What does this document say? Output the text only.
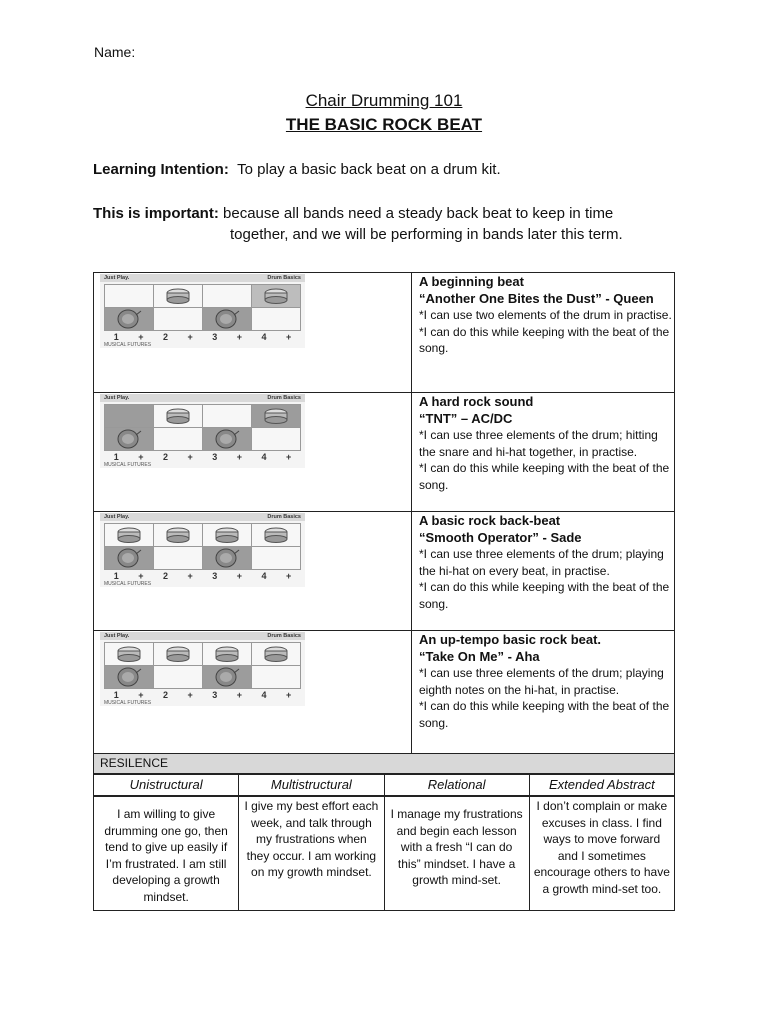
Name:
Chair Drumming 101
THE BASIC ROCK BEAT
Learning Intention: To play a basic back beat on a drum kit.
This is important: because all bands need a steady back beat to keep in time
together, and we will be performing in bands later this term.
Just Play.	Drum Basics
1 + 2 + 3 + 4 +
MUSICAL FUTURES
A beginning beat
“Another One Bites the Dust” - Queen
*I can use two elements of the drum in practise.
*I can do this while keeping with the beat of the song.
Just Play.	Drum Basics
1 + 2 + 3 + 4 +
MUSICAL FUTURES
A hard rock sound
“TNT” – AC/DC
*I can use three elements of the drum; hitting the snare and hi-hat together, in practise.
*I can do this while keeping with the beat of the song.
Just Play.	Drum Basics
1 + 2 + 3 + 4 +
MUSICAL FUTURES
A basic rock back-beat
“Smooth Operator” - Sade
*I can use three elements of the drum; playing the hi-hat on every beat, in practise.
*I can do this while keeping with the beat of the song.
Just Play.	Drum Basics
1 + 2 + 3 + 4 +
MUSICAL FUTURES
An up-tempo basic rock beat.
“Take On Me” - Aha
*I can use three elements of the drum; playing eighth notes on the hi-hat, in practise.
*I can do this while keeping with the beat of the song.
RESILENCE
Unistructural	Multistructural	Relational	Extended Abstract
I am willing to give drumming one go, then tend to give up easily if I’m frustrated. I am still developing a growth mindset.
I give my best effort each week, and talk through my frustrations when they occur. I am working on my growth mindset.
I manage my frustrations and begin each lesson with a fresh “I can do this” mindset. I have a growth mind-set.
I don’t complain or make excuses in class. I find ways to move forward and I sometimes encourage others to have a growth mind-set too.
